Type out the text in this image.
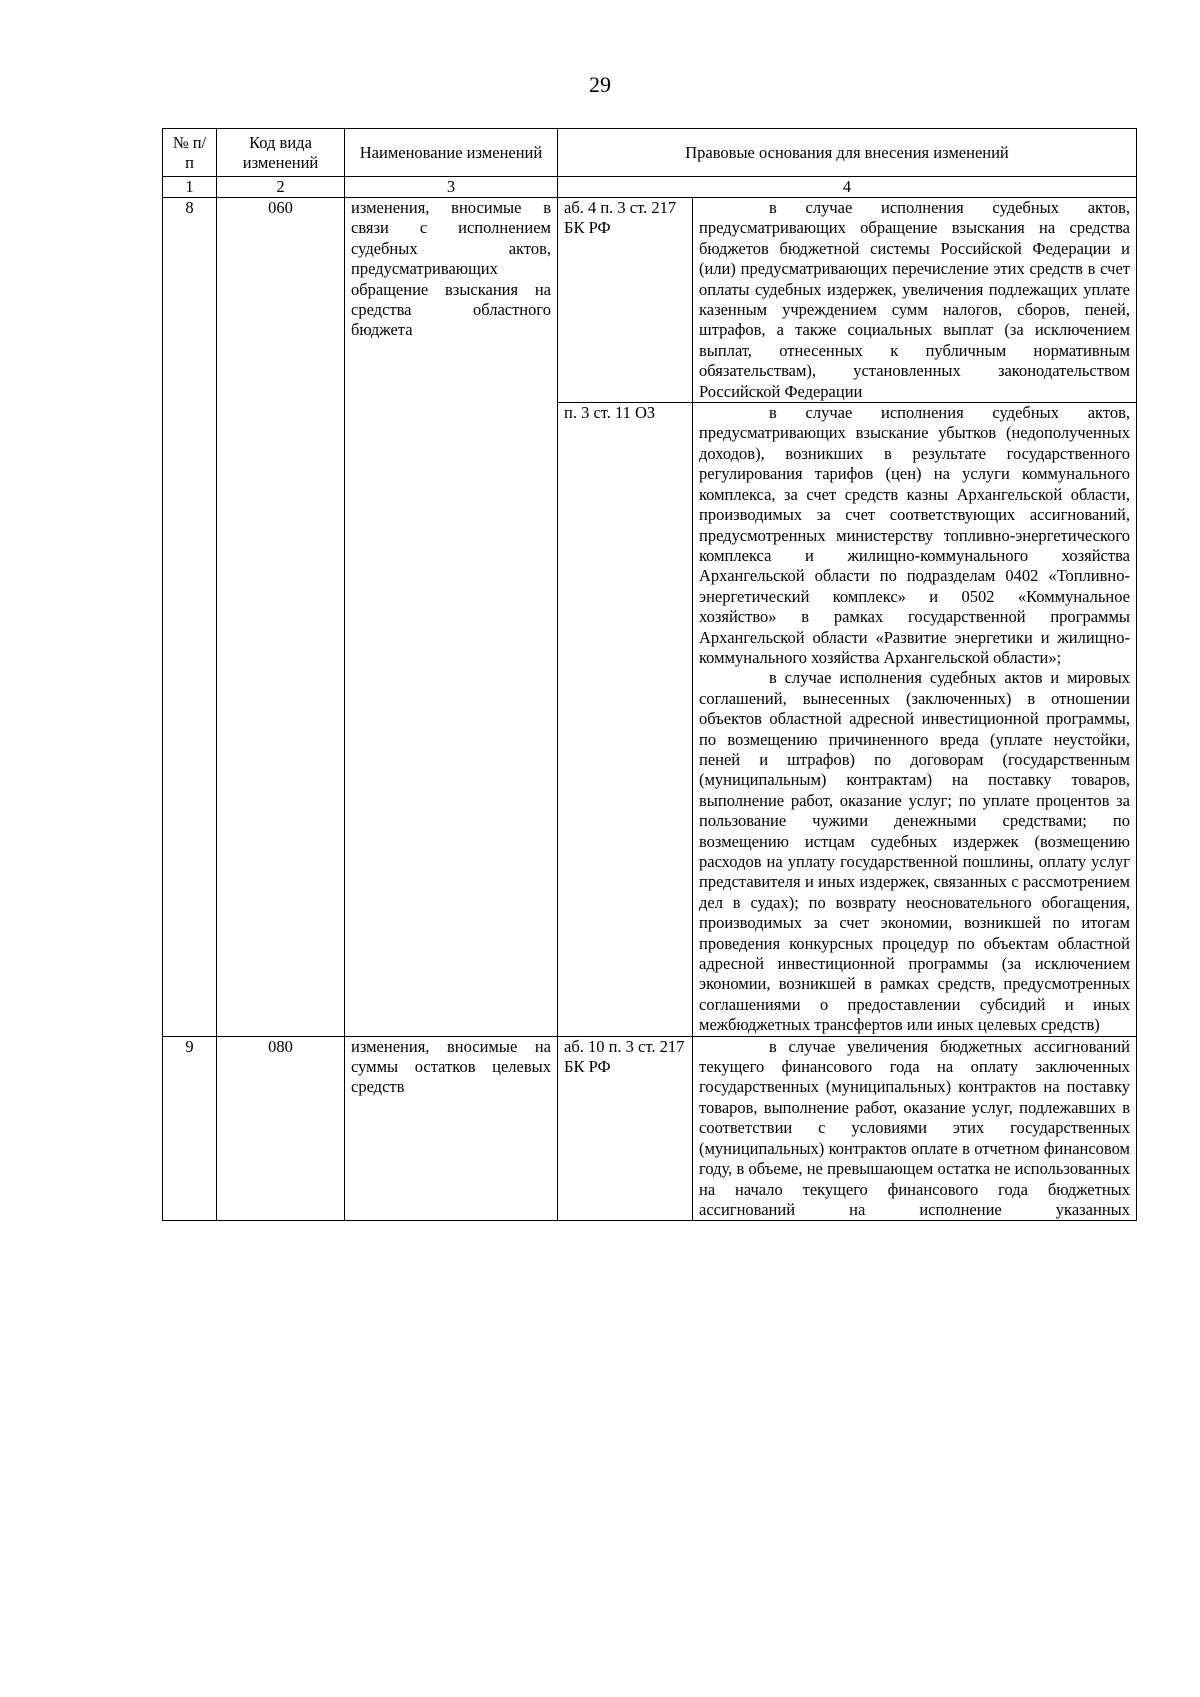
29
№ п/п	Код вида изменений	Наименование изменений	Правовые основания для внесения изменений	
1	2	3	4	
8	060	изменения, вносимые в связи с исполнением судебных актов, предусматривающих обращение взыскания на средства областного бюджета	аб. 4 п. 3 ст. 217 БК РФ	в случае исполнения судебных актов, предусматривающих обращение взыскания на средства бюджетов бюджетной системы Российской Федерации и (или) предусматривающих перечисление этих средств в счет оплаты судебных издержек, увеличения подлежащих уплате казенным учреждением сумм налогов, сборов, пеней, штрафов, а также социальных выплат (за исключением выплат, отнесенных к публичным нормативным обязательствам), установленных законодательством Российской Федерации

			п. 3 ст. 11 ОЗ	в случае исполнения судебных актов, предусматривающих взыскание убытков (недополученных доходов), возникших в результате государственного регулирования тарифов (цен) на услуги коммунального комплекса, за счет средств казны Архангельской области, производимых за счет соответствующих ассигнований, предусмотренных министерству топливно-энергетического комплекса и жилищно-коммунального хозяйства Архангельской области по подразделам 0402 «Топливно-энергетический комплекс» и 0502 «Коммунальное хозяйство» в рамках государственной программы Архангельской области «Развитие энергетики и жилищно-коммунального хозяйства Архангельской области»;

в случае исполнения судебных актов и мировых соглашений, вынесенных (заключенных) в отношении объектов областной адресной инвестиционной программы, по возмещению причиненного вреда (уплате неустойки, пеней и штрафов) по договорам (государственным (муниципальным) контрактам) на поставку товаров, выполнение работ, оказание услуг; по уплате процентов за пользование чужими денежными средствами; по возмещению истцам судебных издержек (возмещению расходов на уплату государственной пошлины, оплату услуг представителя и иных издержек, связанных с рассмотрением дел в судах); по возврату неосновательного обогащения, производимых за счет экономии, возникшей по итогам проведения конкурсных процедур по объектам областной адресной инвестиционной программы (за исключением экономии, возникшей в рамках средств, предусмотренных соглашениями о предоставлении субсидий и иных межбюджетных трансфертов или иных целевых средств)

9	080	изменения, вносимые на суммы остатков целевых средств	аб. 10 п. 3 ст. 217 БК РФ	в случае увеличения бюджетных ассигнований текущего финансового года на оплату заключенных государственных (муниципальных) контрактов на поставку товаров, выполнение работ, оказание услуг, подлежавших в соответствии с условиями этих государственных (муниципальных) контрактов оплате в отчетном финансовом году, в объеме, не превышающем остатка не использованных на начало текущего финансового года бюджетных ассигнований на исполнение указанных
